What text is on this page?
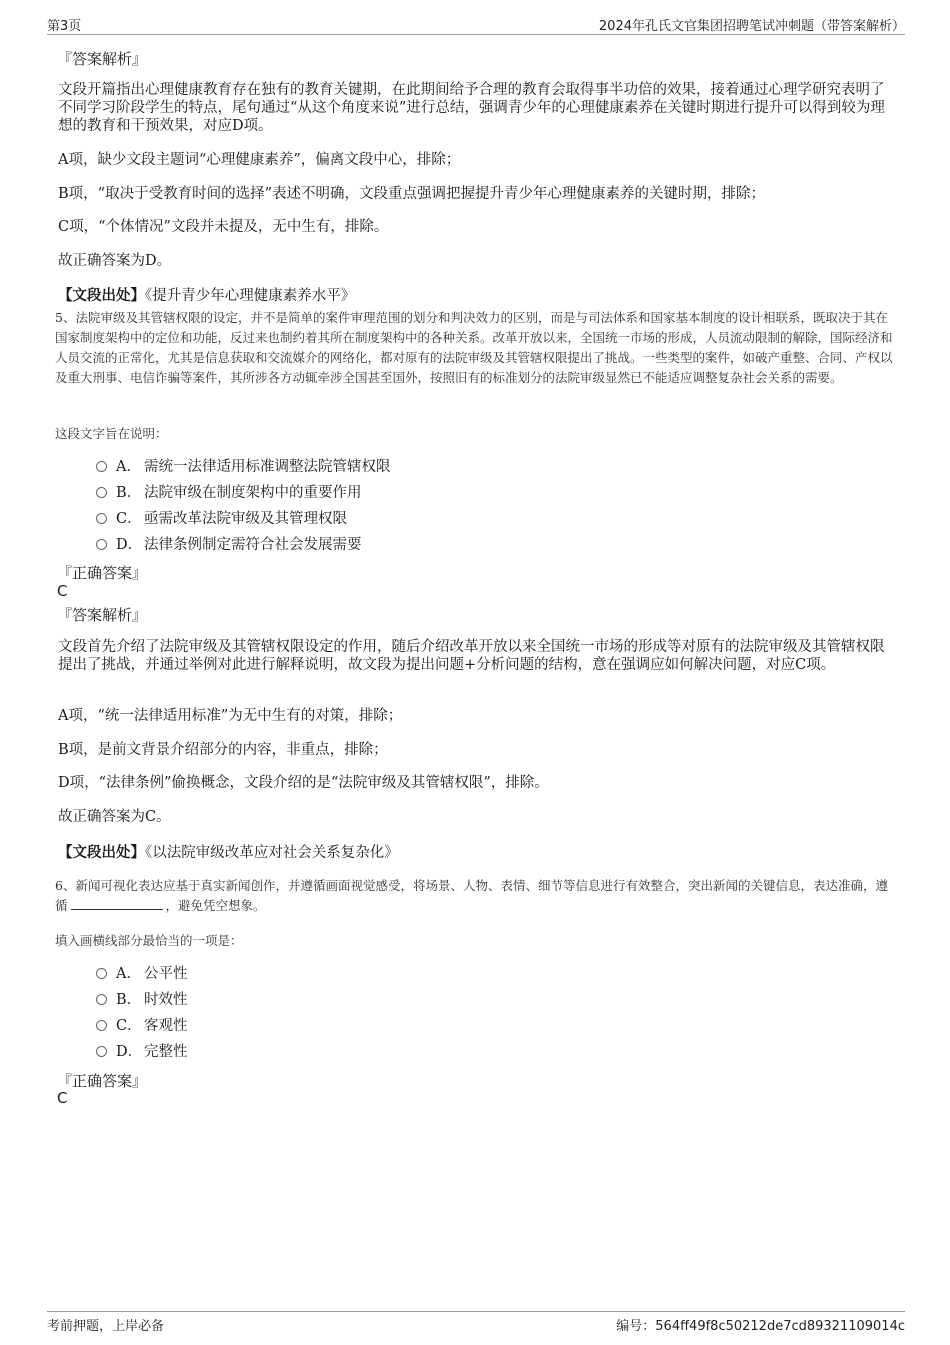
第3页	2024年孔氏文官集团招聘笔试冲刺题（带答案解析）
『答案解析』
文段开篇指出心理健康教育存在独有的教育关键期，在此期间给予合理的教育会取得事半功倍的效果，接着通过心理学研究表明了不同学习阶段学生的特点，尾句通过“从这个角度来说”进行总结，强调青少年的心理健康素养在关键时期进行提升可以得到较为理想的教育和干预效果，对应D项。
A项，缺少文段主题词“心理健康素养”，偏离文段中心，排除；
B项，“取决于受教育时间的选择”表述不明确，文段重点强调把握提升青少年心理健康素养的关键时期，排除；
C项，“个体情况”文段并未提及，无中生有，排除。
故正确答案为D。
【文段出处】《提升青少年心理健康素养水平》
5、法院审级及其管辖权限的设定，并不是简单的案件审理范围的划分和判决效力的区别，而是与司法体系和国家基本制度的设计相联系，既取决于其在国家制度架构中的定位和功能，反过来也制约着其所在制度架构中的各种关系。改革开放以来，全国统一市场的形成，人员流动限制的解除，国际经济和人员交流的正常化，尤其是信息获取和交流媒介的网络化，都对原有的法院审级及其管辖权限提出了挑战。一些类型的案件，如破产重整、合同、产权以及重大刑事、电信诈骗等案件，其所涉各方动辄牵涉全国甚至国外，按照旧有的标准划分的法院审级显然已不能适应调整复杂社会关系的需要。
这段文字旨在说明：
A． 需统一法律适用标准调整法院管辖权限
B． 法院审级在制度架构中的重要作用
C． 亟需改革法院审级及其管理权限
D． 法律条例制定需符合社会发展需要
『正确答案』
C
『答案解析』
文段首先介绍了法院审级及其管辖权限设定的作用，随后介绍改革开放以来全国统一市场的形成等对原有的法院审级及其管辖权限提出了挑战，并通过举例对此进行解释说明，故文段为提出问题+分析问题的结构，意在强调应如何解决问题，对应C项。
A项，“统一法律适用标准”为无中生有的对策，排除；
B项，是前文背景介绍部分的内容，非重点，排除；
D项，“法律条例”偷换概念，文段介绍的是“法院审级及其管辖权限”，排除。
故正确答案为C。
【文段出处】《以法院审级改革应对社会关系复杂化》
6、新闻可视化表达应基于真实新闻创作，并遵循画面视觉感受，将场景、人物、表情、细节等信息进行有效整合，突出新闻的关键信息，表达准确，遵循	，避免凭空想象。
填入画横线部分最恰当的一项是：
A． 公平性
B． 时效性
C． 客观性
D． 完整性
『正确答案』
C
考前押题，上岸必备	编号：564ff49f8c50212de7cd89321109014c
